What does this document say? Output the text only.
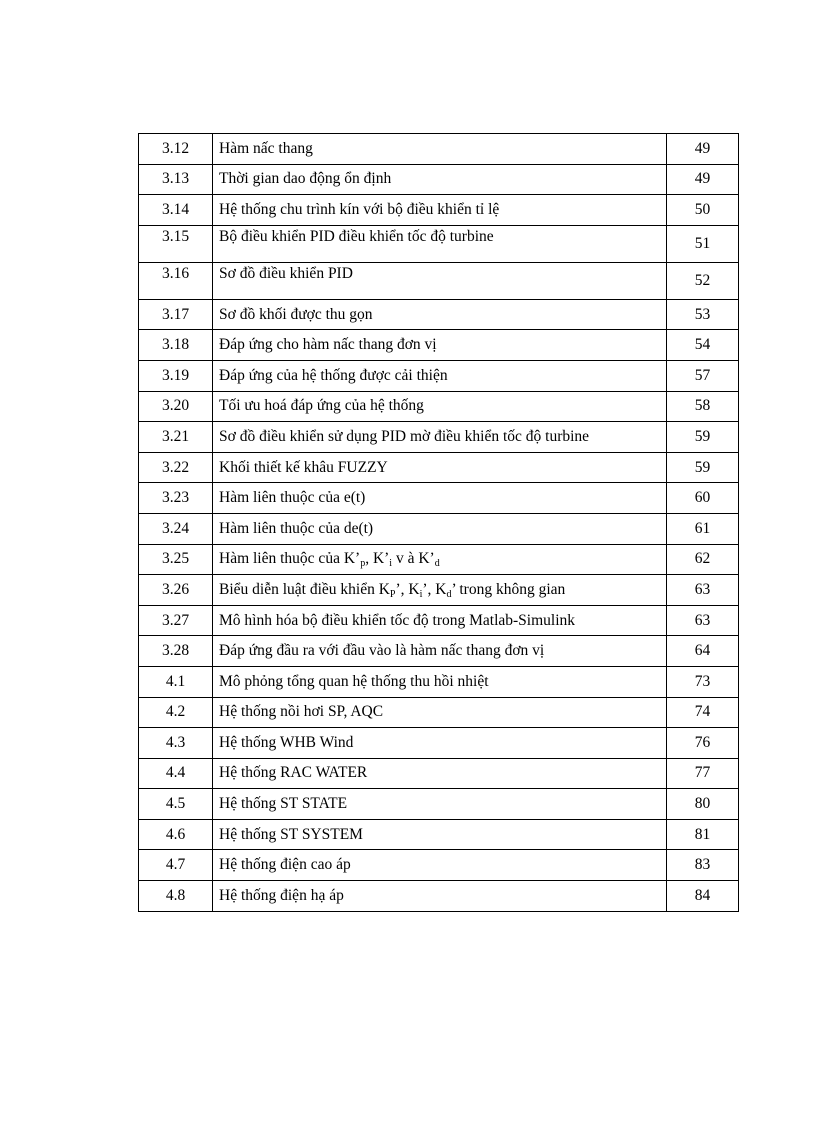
3.12	Hàm nấc thang	49
3.13	Thời gian dao động ổn định	49
3.14	Hệ thống chu trình kín với bộ điều khiển tỉ lệ	50
3.15	Bộ điều khiển PID điều khiển tốc độ turbine	51
3.16	Sơ đồ điều khiển PID	52
3.17	Sơ đồ khối được thu gọn	53
3.18	Đáp ứng cho hàm nấc thang đơn vị	54
3.19	Đáp ứng của hệ thống được cải thiện	57
3.20	Tối ưu hoá đáp ứng của hệ thống	58
3.21	Sơ đồ điều khiển sử dụng PID mờ điều khiển tốc độ turbine	59
3.22	Khối thiết kế khâu FUZZY	59
3.23	Hàm liên thuộc của e(t)	60
3.24	Hàm liên thuộc của de(t)	61
3.25	Hàm liên thuộc của $K’_p$, $K’_i$ v à $K’_d$	62
3.26	Biểu diễn luật điều khiển $K_P$’, $K_i$’, $K_d$’ trong không gian	63
3.27	Mô hình hóa bộ điều khiển tốc độ trong Matlab-Simulink	63
3.28	Đáp ứng đầu ra với đầu vào là hàm nấc thang đơn vị	64
4.1	Mô phỏng tổng quan hệ thống thu hồi nhiệt	73
4.2	Hệ thống nồi hơi SP, AQC	74
4.3	Hệ thống WHB Wind	76
4.4	Hệ thống RAC WATER	77
4.5	Hệ thống ST STATE	80
4.6	Hệ thống ST SYSTEM	81
4.7	Hệ thống điện cao áp	83
4.8	Hệ thống điện hạ áp	84
